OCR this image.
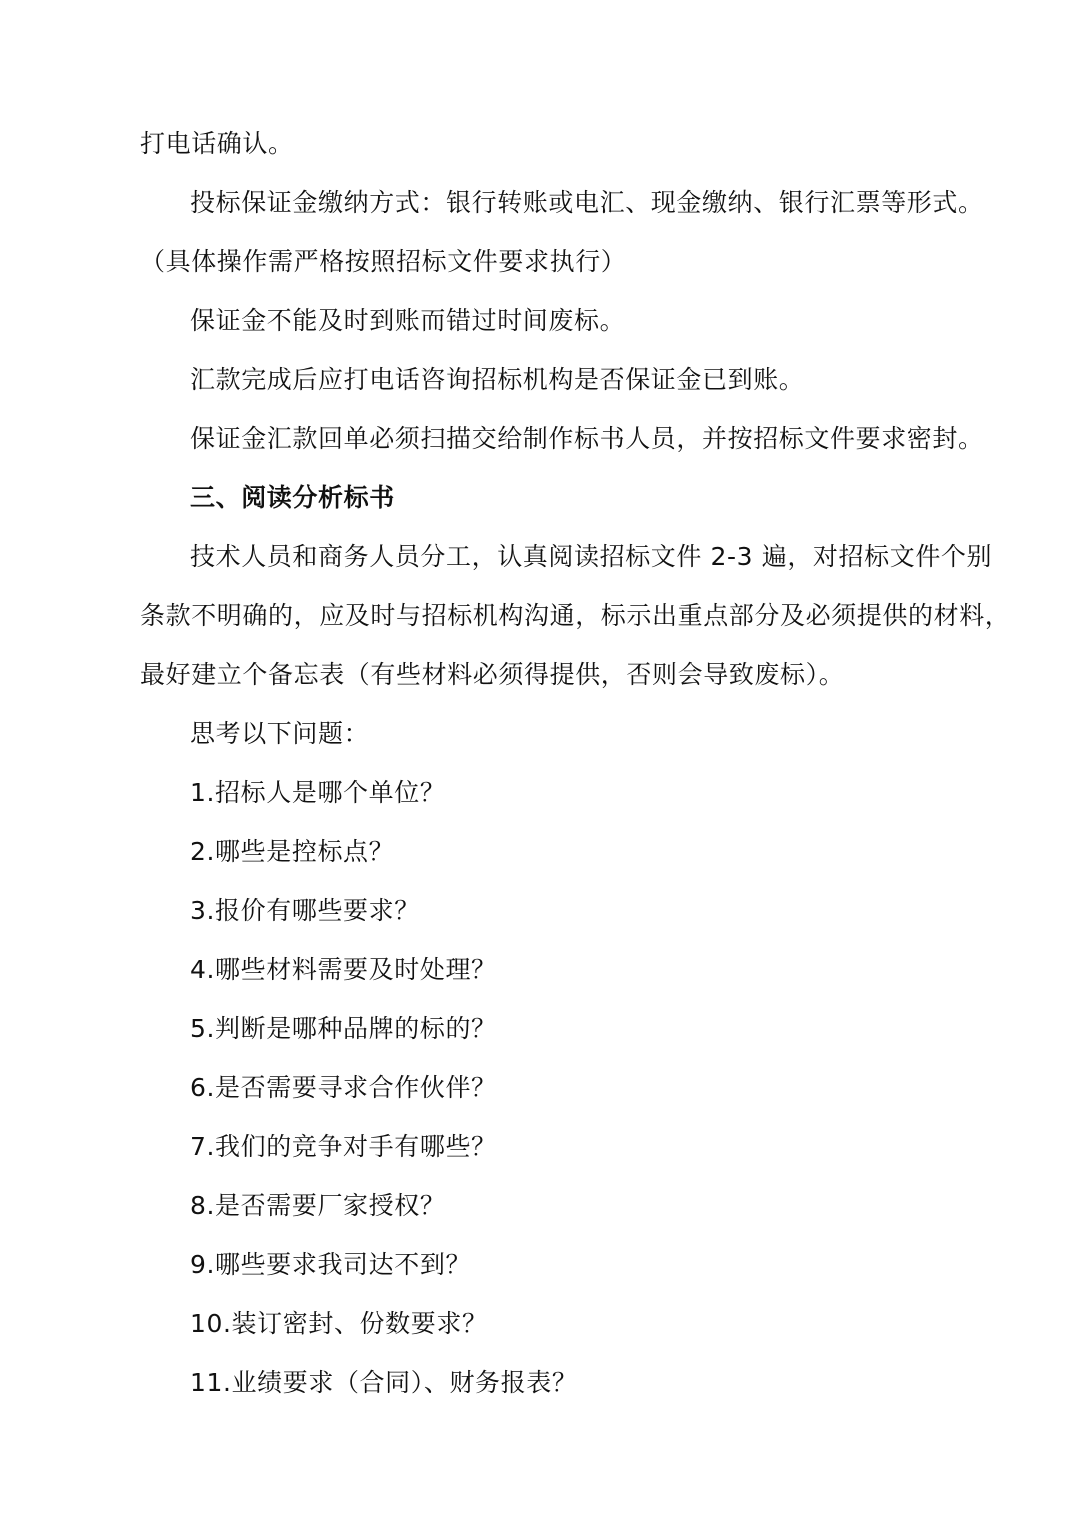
打电话确认。
投标保证金缴纳方式：银行转账或电汇、现金缴纳、银行汇票等形式。
（具体操作需严格按照招标文件要求执行）
保证金不能及时到账而错过时间废标。
汇款完成后应打电话咨询招标机构是否保证金已到账。
保证金汇款回单必须扫描交给制作标书人员，并按招标文件要求密封。
三、阅读分析标书
技术人员和商务人员分工，认真阅读招标文件 2-3 遍，对招标文件个别
条款不明确的，应及时与招标机构沟通，标示出重点部分及必须提供的材料，
最好建立个备忘表（有些材料必须得提供，否则会导致废标）。
思考以下问题：
1.招标人是哪个单位？
2.哪些是控标点？
3.报价有哪些要求？
4.哪些材料需要及时处理？
5.判断是哪种品牌的标的？
6.是否需要寻求合作伙伴？
7.我们的竞争对手有哪些？
8.是否需要厂家授权？
9.哪些要求我司达不到？
10.装订密封、份数要求？
11.业绩要求（合同）、财务报表？
